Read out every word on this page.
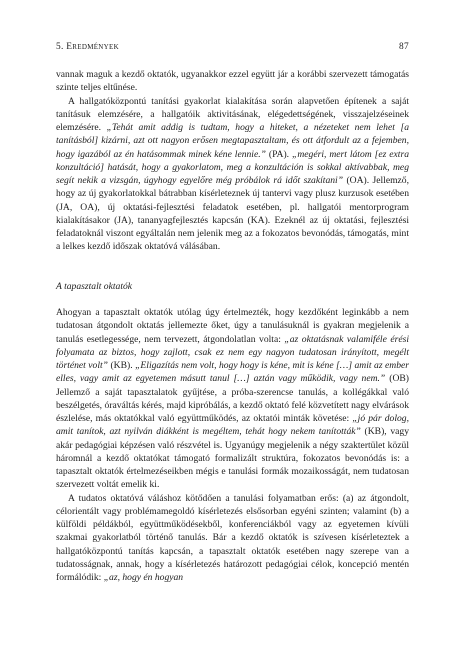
5. Eredmények	87

vannak maguk a kezdő oktatók, ugyanakkor ezzel együtt jár a korábbi szervezett támogatás szinte teljes eltűnése.

A hallgatóközpontú tanítási gyakorlat kialakítása során alapvetően építenek a saját tanításuk elemzésére, a hallgatóik aktivitásának, elégedettségének, visszajelzéseinek elemzésére. „Tehát amit addig is tudtam, hogy a hiteket, a nézeteket nem lehet [a tanításból] kizárni, azt ott nagyon erősen megtapasztaltam, és ott átfordult az a fejemben, hogy igazából az én hatásommak minek kéne lennie.” (PA). „megéri, mert látom [ez extra konzultáció] hatását, hogy a gyakorlatom, meg a konzultáción is sokkal aktívabbak, meg segít nekik a vizsgán, úgyhogy egyelőre még próbálok rá időt szakítani” (OA). Jellemző, hogy az új gyakorlatokkal bátrabban kísérleteznek új tantervi vagy plusz kurzusok esetében (JA, OA), új oktatási-fejlesztési feladatok esetében, pl. hallgatói mentorprogram kialakításakor (JA), tananyagfejlesztés kapcsán (KA). Ezeknél az új oktatási, fejlesztési feladatoknál viszont egyáltalán nem jelenik meg az a fokozatos bevonódás, támogatás, mint a lelkes kezdő időszak oktatóvá válásában.

A tapasztalt oktatók

Ahogyan a tapasztalt oktatók utólag úgy értelmezték, hogy kezdőként leginkább a nem tudatosan átgondolt oktatás jellemezte őket, úgy a tanulásuknál is gyakran megjelenik a tanulás esetlegessége, nem tervezett, átgondolatlan volta: „az oktatásnak valamiféle érési folyamata az biztos, hogy zajlott, csak ez nem egy nagyon tudatosan irányított, megélt történet volt” (KB). „Eligazítás nem volt, hogy hogy is kéne, mit is kéne […] amit az ember elles, vagy amit az egyetemen másutt tanul […] aztán vagy működik, vagy nem.” (OB) Jellemző a saját tapasztalatok gyűjtése, a próba-szerencse tanulás, a kollégákkal való beszélgetés, óraváltás kérés, majd kipróbálás, a kezdő oktató felé közvetített nagy elvárások észlelése, más oktatókkal való együttműködés, az oktatói minták követése: „jó pár dolog, amit tanítok, azt nyilván diákként is megéltem, tehát hogy nekem tanították” (KB), vagy akár pedagógiai képzésen való részvétel is. Ugyanúgy megjelenik a négy szaktertület közül háromnál a kezdő oktatókat támogató formalizált struktúra, fokozatos bevonódás is: a tapasztalt oktatók értelmezéseikben mégis e tanulási formák mozaikosságát, nem tudatosan szervezett voltát emelik ki.

A tudatos oktatóvá váláshoz kötődően a tanulási folyamatban erős: (a) az átgondolt, célorientált vagy problémamegoldó kísérletezés elsősorban egyéni szinten; valamint (b) a külföldi példákból, együttműködésekből, konferenciákból vagy az egyetemen kívüli szakmai gyakorlatból történő tanulás. Bár a kezdő oktatók is szívesen kísérleteztek a hallgatóközpontú tanítás kapcsán, a tapasztalt oktatók esetében nagy szerepe van a tudatosságnak, annak, hogy a kísérletezés határozott pedagógiai célok, koncepció mentén formálódik: „az, hogy én hogyan
